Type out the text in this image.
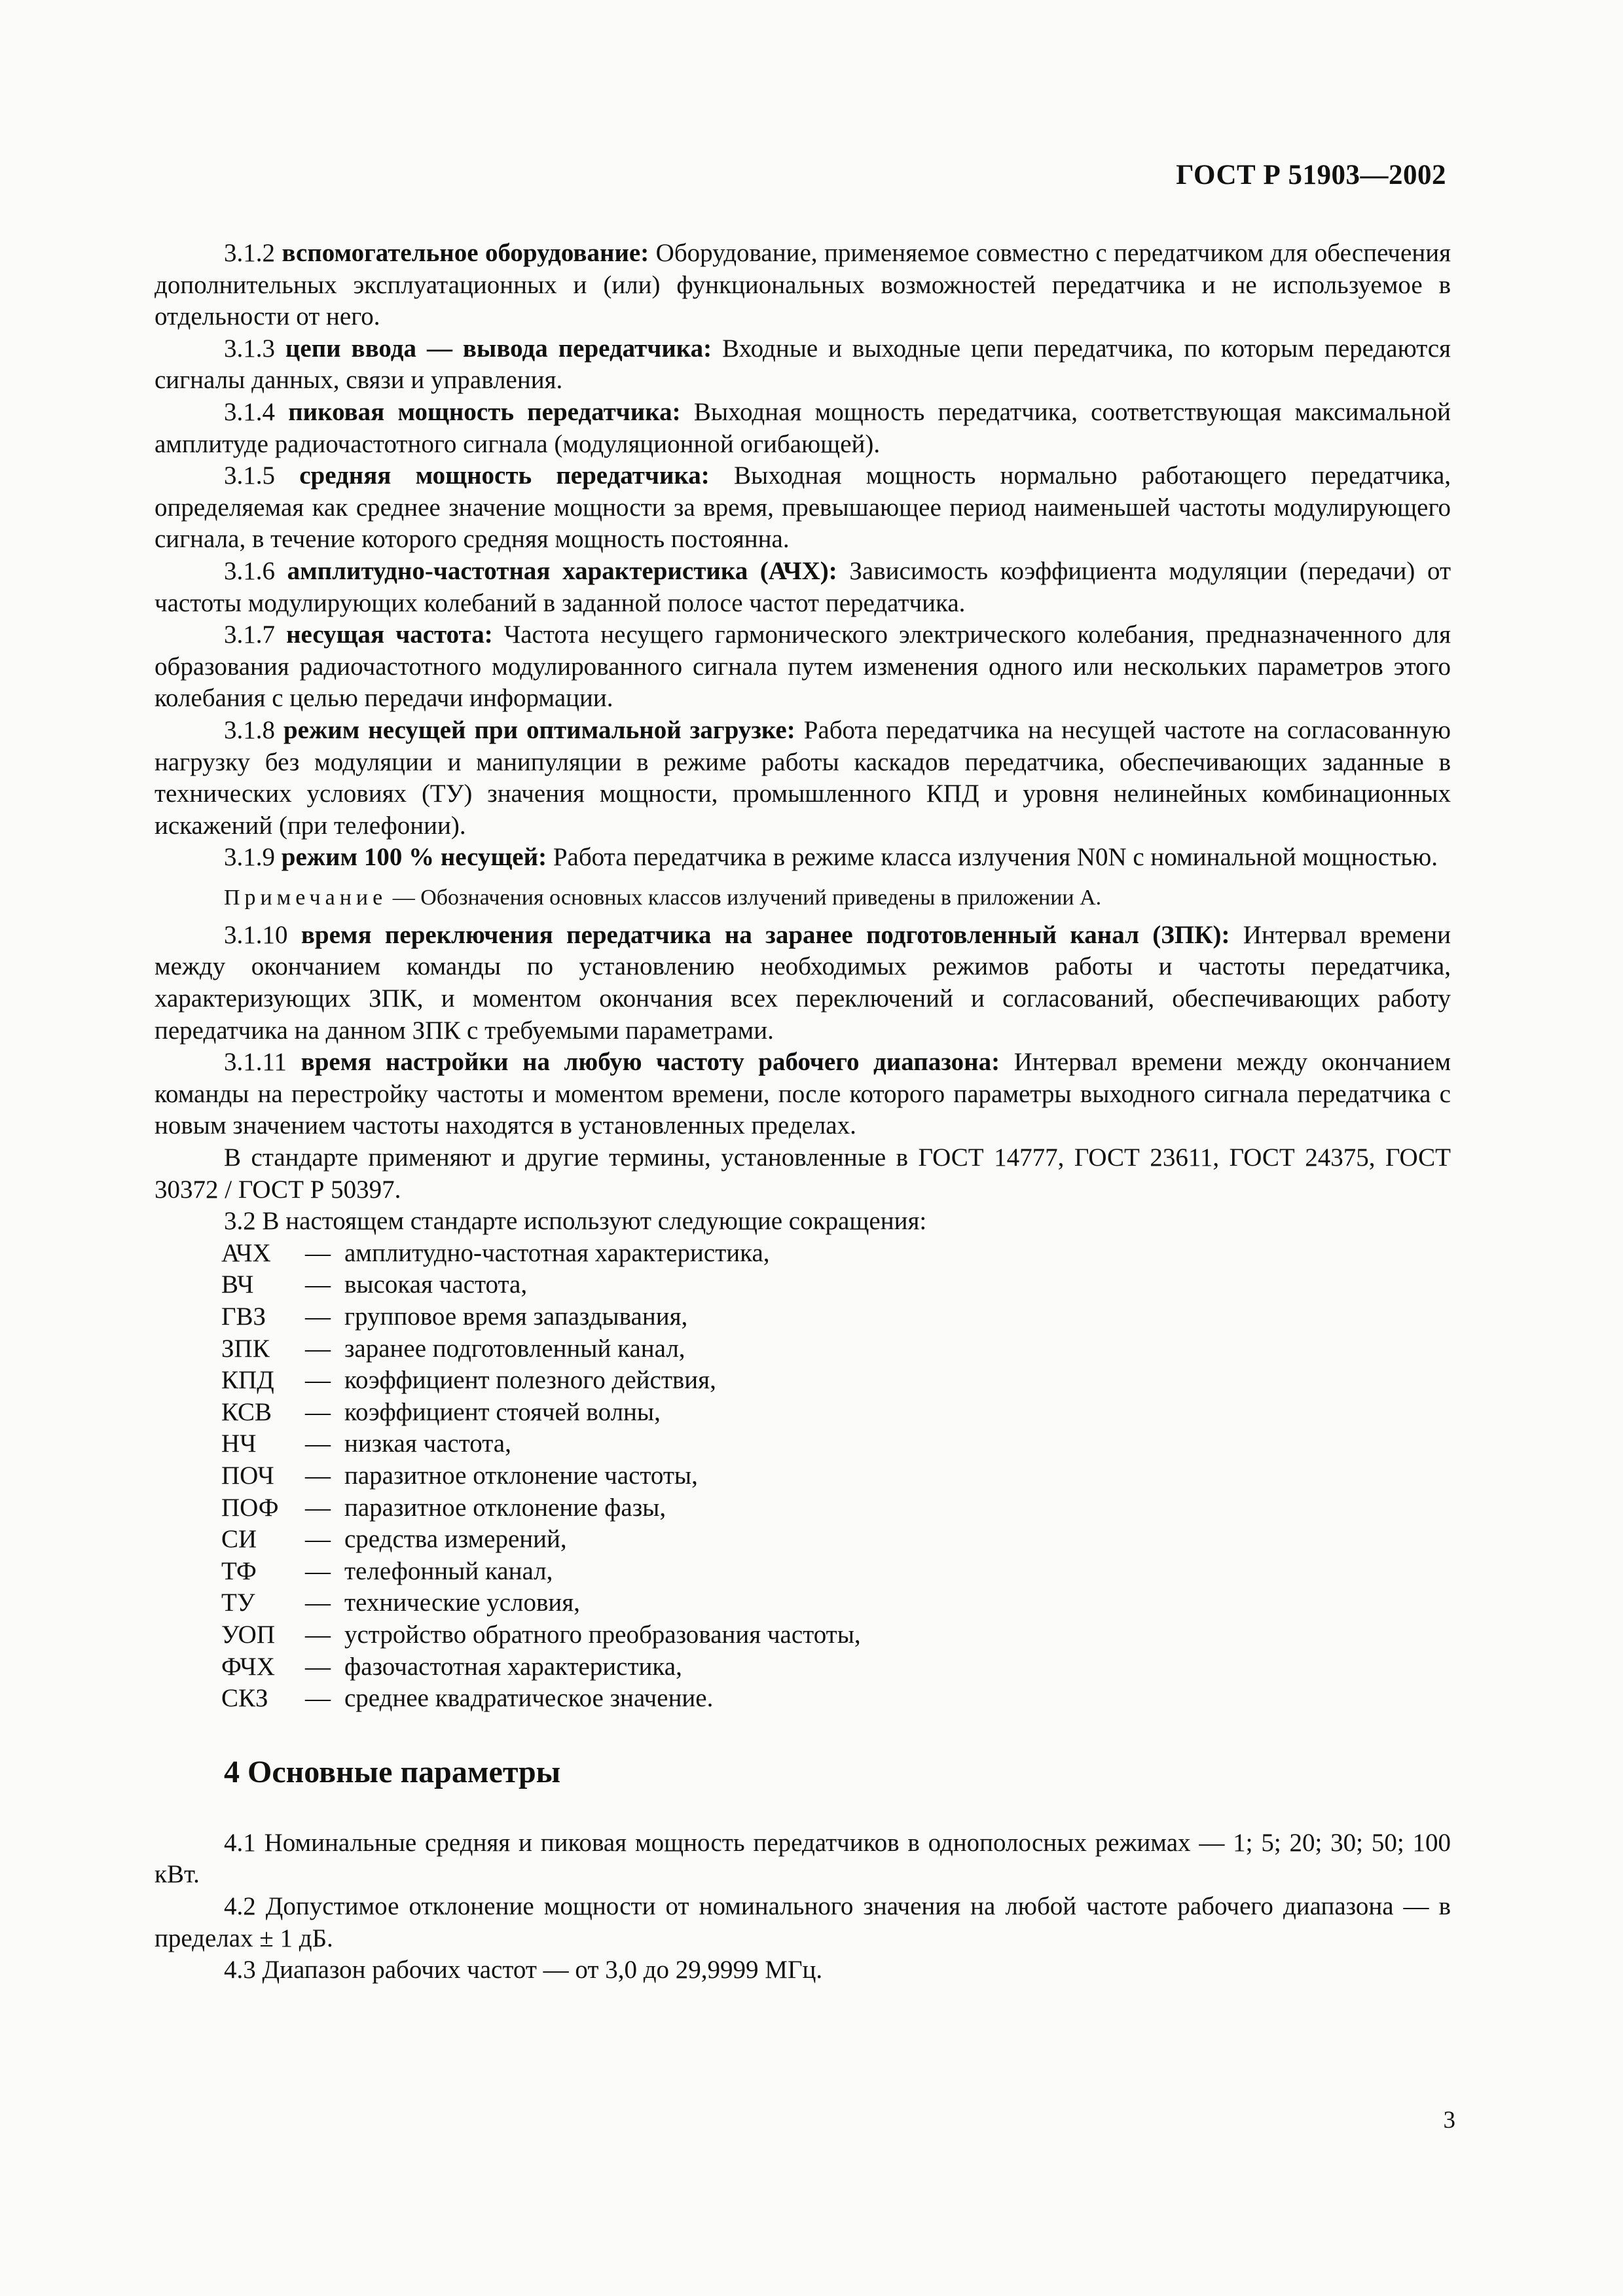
ГОСТ Р 51903—2002

3.1.2 вспомогательное оборудование: Оборудование, применяемое совместно с передатчиком для обеспечения дополнительных эксплуатационных и (или) функциональных возможностей передатчика и не используемое в отдельности от него.

3.1.3 цепи ввода — вывода передатчика: Входные и выходные цепи передатчика, по которым передаются сигналы данных, связи и управления.

3.1.4 пиковая мощность передатчика: Выходная мощность передатчика, соответствующая максимальной амплитуде радиочастотного сигнала (модуляционной огибающей).

3.1.5 средняя мощность передатчика: Выходная мощность нормально работающего передатчика, определяемая как среднее значение мощности за время, превышающее период наименьшей частоты модулирующего сигнала, в течение которого средняя мощность постоянна.

3.1.6 амплитудно-частотная характеристика (АЧХ): Зависимость коэффициента модуляции (передачи) от частоты модулирующих колебаний в заданной полосе частот передатчика.

3.1.7 несущая частота: Частота несущего гармонического электрического колебания, предназначенного для образования радиочастотного модулированного сигнала путем изменения одного или нескольких параметров этого колебания с целью передачи информации.

3.1.8 режим несущей при оптимальной загрузке: Работа передатчика на несущей частоте на согласованную нагрузку без модуляции и манипуляции в режиме работы каскадов передатчика, обеспечивающих заданные в технических условиях (ТУ) значения мощности, промышленного КПД и уровня нелинейных комбинационных искажений (при телефонии).

3.1.9 режим 100 % несущей: Работа передатчика в режиме класса излучения N0N с номинальной мощностью.

Примечание — Обозначения основных классов излучений приведены в приложении А.

3.1.10 время переключения передатчика на заранее подготовленный канал (ЗПК): Интервал времени между окончанием команды по установлению необходимых режимов работы и частоты передатчика, характеризующих ЗПК, и моментом окончания всех переключений и согласований, обеспечивающих работу передатчика на данном ЗПК с требуемыми параметрами.

3.1.11 время настройки на любую частоту рабочего диапазона: Интервал времени между окончанием команды на перестройку частоты и моментом времени, после которого параметры выходного сигнала передатчика с новым значением частоты находятся в установленных пределах.

В стандарте применяют и другие термины, установленные в ГОСТ 14777, ГОСТ 23611, ГОСТ 24375, ГОСТ 30372 / ГОСТ Р 50397.

3.2 В настоящем стандарте используют следующие сокращения:

АЧХ	— амплитудно-частотная характеристика,
ВЧ	— высокая частота,
ГВЗ	— групповое время запаздывания,
ЗПК	— заранее подготовленный канал,
КПД	— коэффициент полезного действия,
КСВ	— коэффициент стоячей волны,
НЧ	— низкая частота,
ПОЧ	— паразитное отклонение частоты,
ПОФ	— паразитное отклонение фазы,
СИ	— средства измерений,
ТФ	— телефонный канал,
ТУ	— технические условия,
УОП	— устройство обратного преобразования частоты,
ФЧХ	— фазочастотная характеристика,
СКЗ	— среднее квадратическое значение.
4 Основные параметры

4.1 Номинальные средняя и пиковая мощность передатчиков в однополосных режимах — 1; 5; 20; 30; 50; 100 кВт.

4.2 Допустимое отклонение мощности от номинального значения на любой частоте рабочего диапазона — в пределах ± 1 дБ.

4.3 Диапазон рабочих частот — от 3,0 до 29,9999 МГц.

3
